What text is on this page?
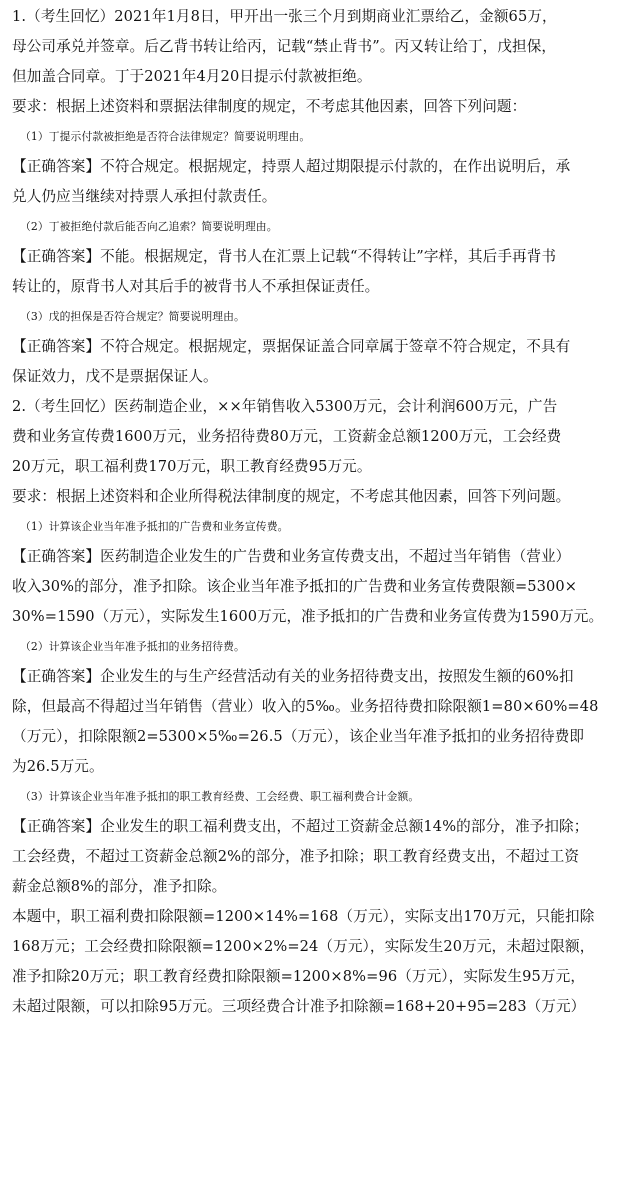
1.（考生回忆）2021年1月8日，甲开出一张三个月到期商业汇票给乙，金额65万，
母公司承兑并签章。后乙背书转让给丙，记载“禁止背书”。丙又转让给丁，戊担保，
但加盖合同章。丁于2021年4月20日提示付款被拒绝。
要求：根据上述资料和票据法律制度的规定，不考虑其他因素，回答下列问题：
（1）丁提示付款被拒绝是否符合法律规定？简要说明理由。
【正确答案】不符合规定。根据规定，持票人超过期限提示付款的，在作出说明后，承
兑人仍应当继续对持票人承担付款责任。
（2）丁被拒绝付款后能否向乙追索？简要说明理由。
【正确答案】不能。根据规定，背书人在汇票上记载“不得转让”字样，其后手再背书
转让的，原背书人对其后手的被背书人不承担保证责任。
（3）戊的担保是否符合规定？简要说明理由。
【正确答案】不符合规定。根据规定，票据保证盖合同章属于签章不符合规定，不具有
保证效力，戊不是票据保证人。
2.（考生回忆）医药制造企业，××年销售收入5300万元，会计利润600万元，广告
费和业务宣传费1600万元，业务招待费80万元，工资薪金总额1200万元，工会经费
20万元，职工福利费170万元，职工教育经费95万元。
要求：根据上述资料和企业所得税法律制度的规定，不考虑其他因素，回答下列问题。
（1）计算该企业当年准予抵扣的广告费和业务宣传费。
【正确答案】医药制造企业发生的广告费和业务宣传费支出，不超过当年销售（营业）
收入30%的部分，准予扣除。该企业当年准予抵扣的广告费和业务宣传费限额=5300×
30%=1590（万元），实际发生1600万元，准予抵扣的广告费和业务宣传费为1590万元。
（2）计算该企业当年准予抵扣的业务招待费。
【正确答案】企业发生的与生产经营活动有关的业务招待费支出，按照发生额的60%扣
除，但最高不得超过当年销售（营业）收入的5‰。业务招待费扣除限额1=80×60%=48
（万元），扣除限额2=5300×5‰=26.5（万元），该企业当年准予抵扣的业务招待费即
为26.5万元。
（3）计算该企业当年准予抵扣的职工教育经费、工会经费、职工福利费合计金额。
【正确答案】企业发生的职工福利费支出，不超过工资薪金总额14%的部分，准予扣除；
工会经费，不超过工资薪金总额2%的部分，准予扣除；职工教育经费支出，不超过工资
薪金总额8%的部分，准予扣除。
本题中，职工福利费扣除限额=1200×14%=168（万元），实际支出170万元，只能扣除
168万元；工会经费扣除限额=1200×2%=24（万元），实际发生20万元，未超过限额，
准予扣除20万元；职工教育经费扣除限额=1200×8%=96（万元），实际发生95万元，
未超过限额，可以扣除95万元。三项经费合计准予扣除额=168+20+95=283（万元）
